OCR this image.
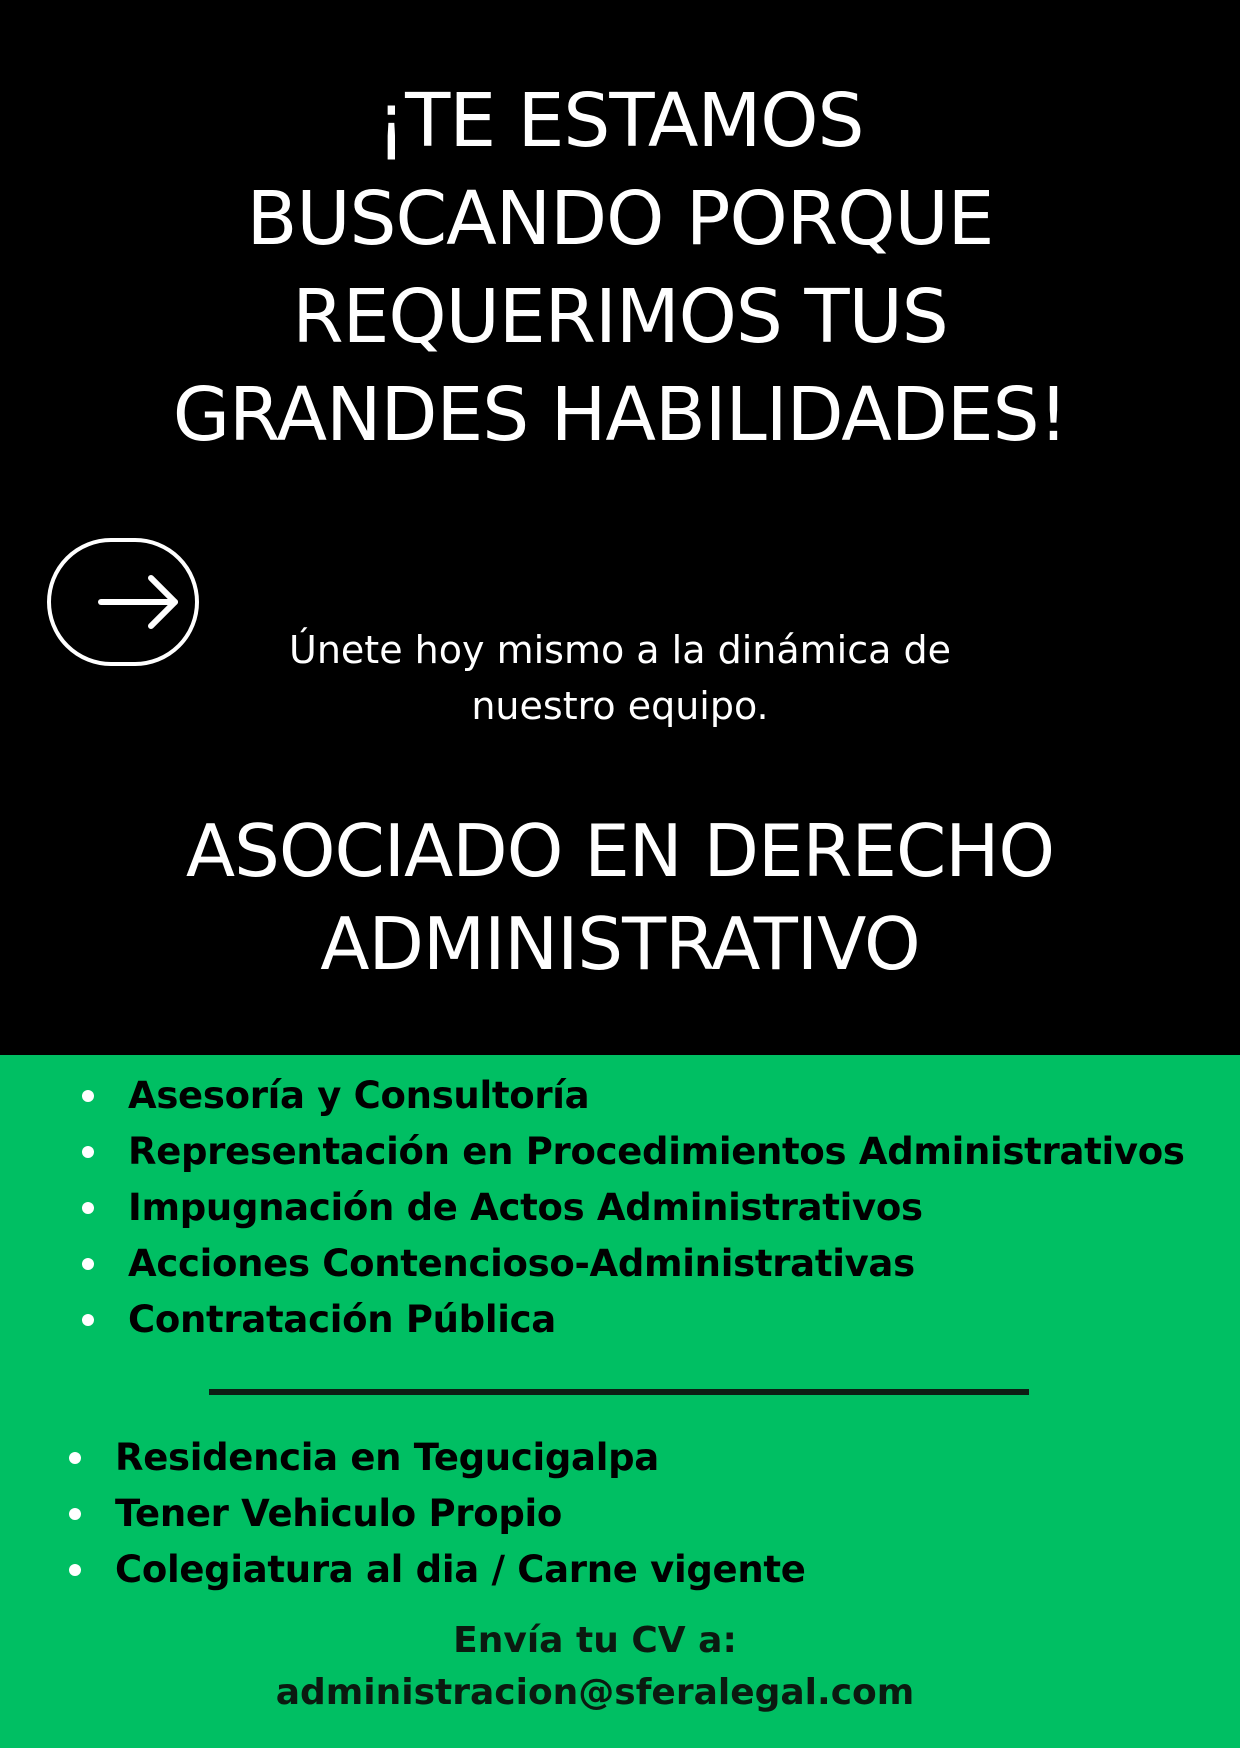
¡TE ESTAMOS BUSCANDO PORQUE REQUERIMOS TUS GRANDES HABILIDADES!

Únete hoy mismo a la dinámica de nuestro equipo.

ASOCIADO EN DERECHO ADMINISTRATIVO
Asesoría y Consultoría
Representación en Procedimientos Administrativos
Impugnación de Actos Administrativos
Acciones Contencioso-Administrativas
Contratación Pública
Residencia en Tegucigalpa
Tener Vehiculo Propio
Colegiatura al dia / Carne vigente
Envía tu CV a:
administracion@sferalegal.com
